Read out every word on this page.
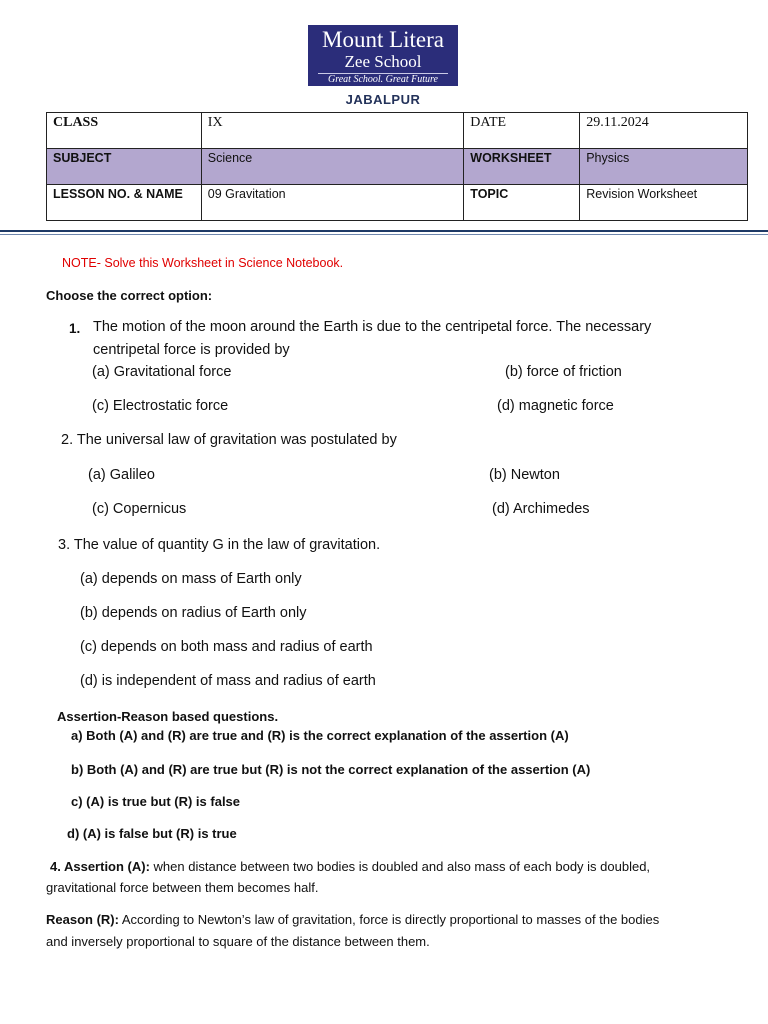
Mount Litera
Zee School
Great School. Great Future
JABALPUR
CLASS	IX	DATE	29.11.2024
SUBJECT	Science	WORKSHEET	Physics
LESSON NO. & NAME	09 Gravitation	TOPIC	Revision Worksheet
NOTE- Solve this Worksheet in Science Notebook.
Choose the correct option:
1. The motion of the moon around the Earth is due to the centripetal force. The necessary
centripetal force is provided by
(a) Gravitational force	(b) force of friction
(c) Electrostatic force	(d) magnetic force
2. The universal law of gravitation was postulated by
(a) Galileo	(b) Newton
(c) Copernicus	(d) Archimedes
3. The value of quantity G in the law of gravitation.
(a) depends on mass of Earth only
(b) depends on radius of Earth only
(c) depends on both mass and radius of earth
(d) is independent of mass and radius of earth
Assertion-Reason based questions.
a) Both (A) and (R) are true and (R) is the correct explanation of the assertion (A)
b) Both (A) and (R) are true but (R) is not the correct explanation of the assertion (A)
c) (A) is true but (R) is false
d) (A) is false but (R) is true
4. Assertion (A): when distance between two bodies is doubled and also mass of each body is doubled,
gravitational force between them becomes half.
Reason (R): According to Newton’s law of gravitation, force is directly proportional to masses of the bodies
and inversely proportional to square of the distance between them.
